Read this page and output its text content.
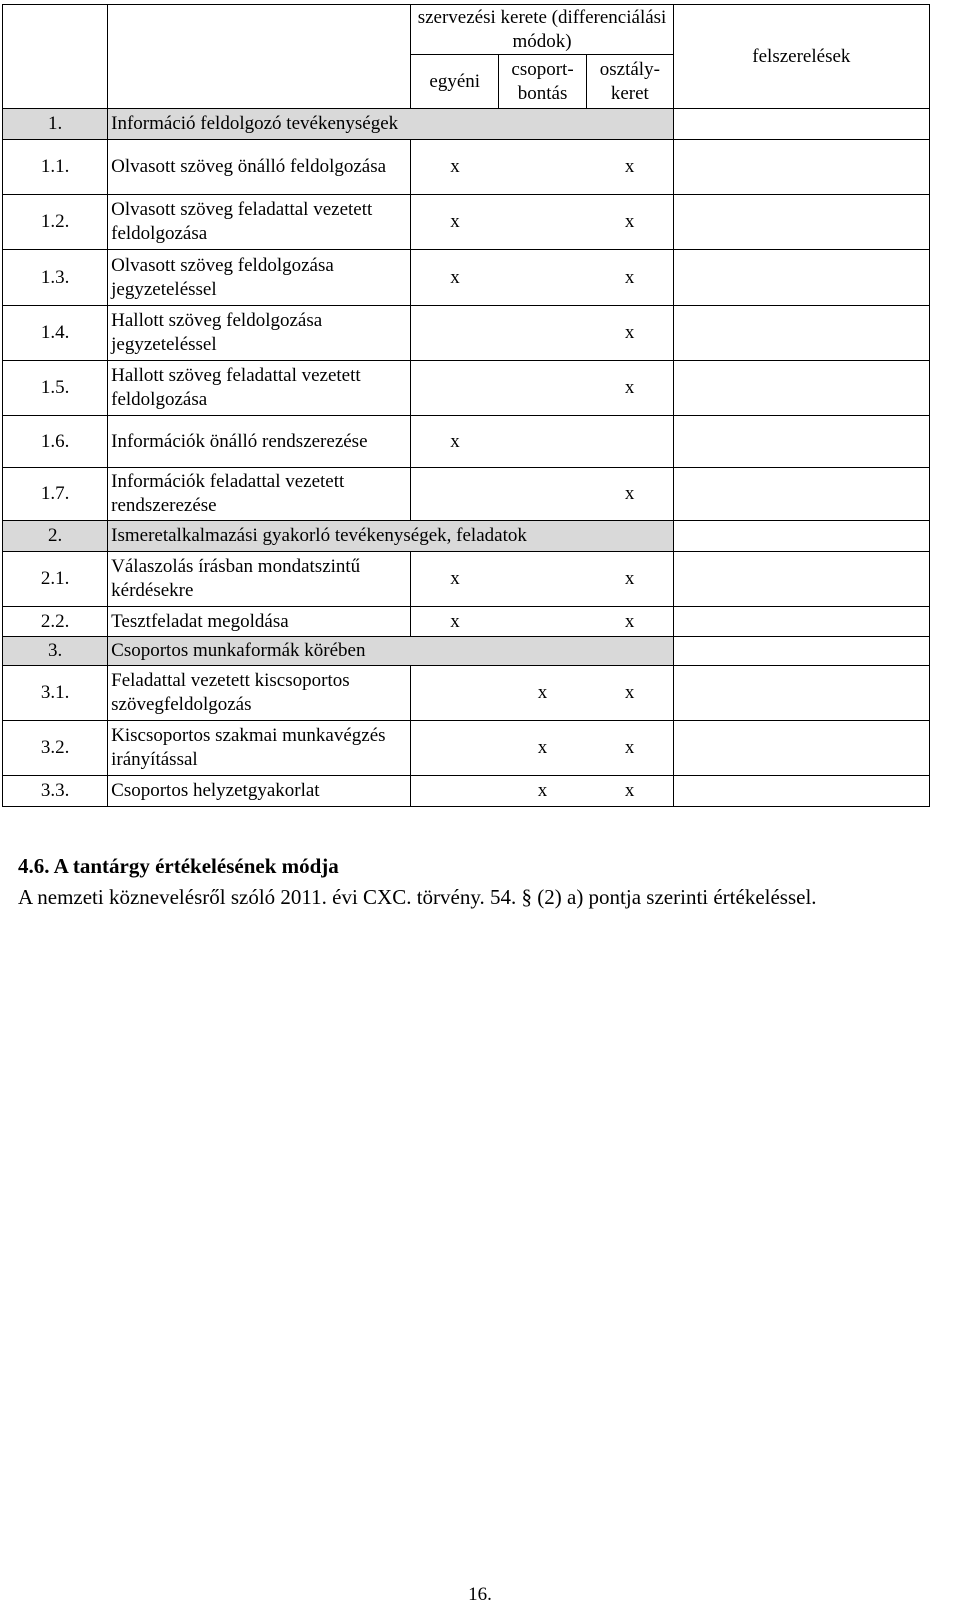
		szervezési kerete (differenciálási módok)			felszerelések
		egyéni	csoport-bontás	osztály-keret	
1.	Információ feldolgozó tevékenységek				
1.1.	Olvasott szöveg önálló feldolgozása	x		x	
1.2.	Olvasott szöveg feladattal vezetett feldolgozása	x		x	
1.3.	Olvasott szöveg feldolgozása jegyzeteléssel	x		x	
1.4.	Hallott szöveg feldolgozása jegyzeteléssel			x	
1.5.	Hallott szöveg feladattal vezetett feldolgozása			x	
1.6.	Információk önálló rendszerezése	x			
1.7.	Információk feladattal vezetett rendszerezése			x	
2.	Ismeretalkalmazási gyakorló tevékenységek, feladatok				
2.1.	Válaszolás írásban mondatszintű kérdésekre	x		x	
2.2.	Tesztfeladat megoldása	x		x	
3.	Csoportos munkaformák körében				
3.1.	Feladattal vezetett kiscsoportos szövegfeldolgozás		x	x	
3.2.	Kiscsoportos szakmai munkavégzés irányítással		x	x	
3.3.	Csoportos helyzetgyakorlat		x	x	
4.6. A tantárgy értékelésének módja

A nemzeti köznevelésről szóló 2011. évi CXC. törvény. 54. § (2) a) pontja szerinti értékeléssel.

16.
